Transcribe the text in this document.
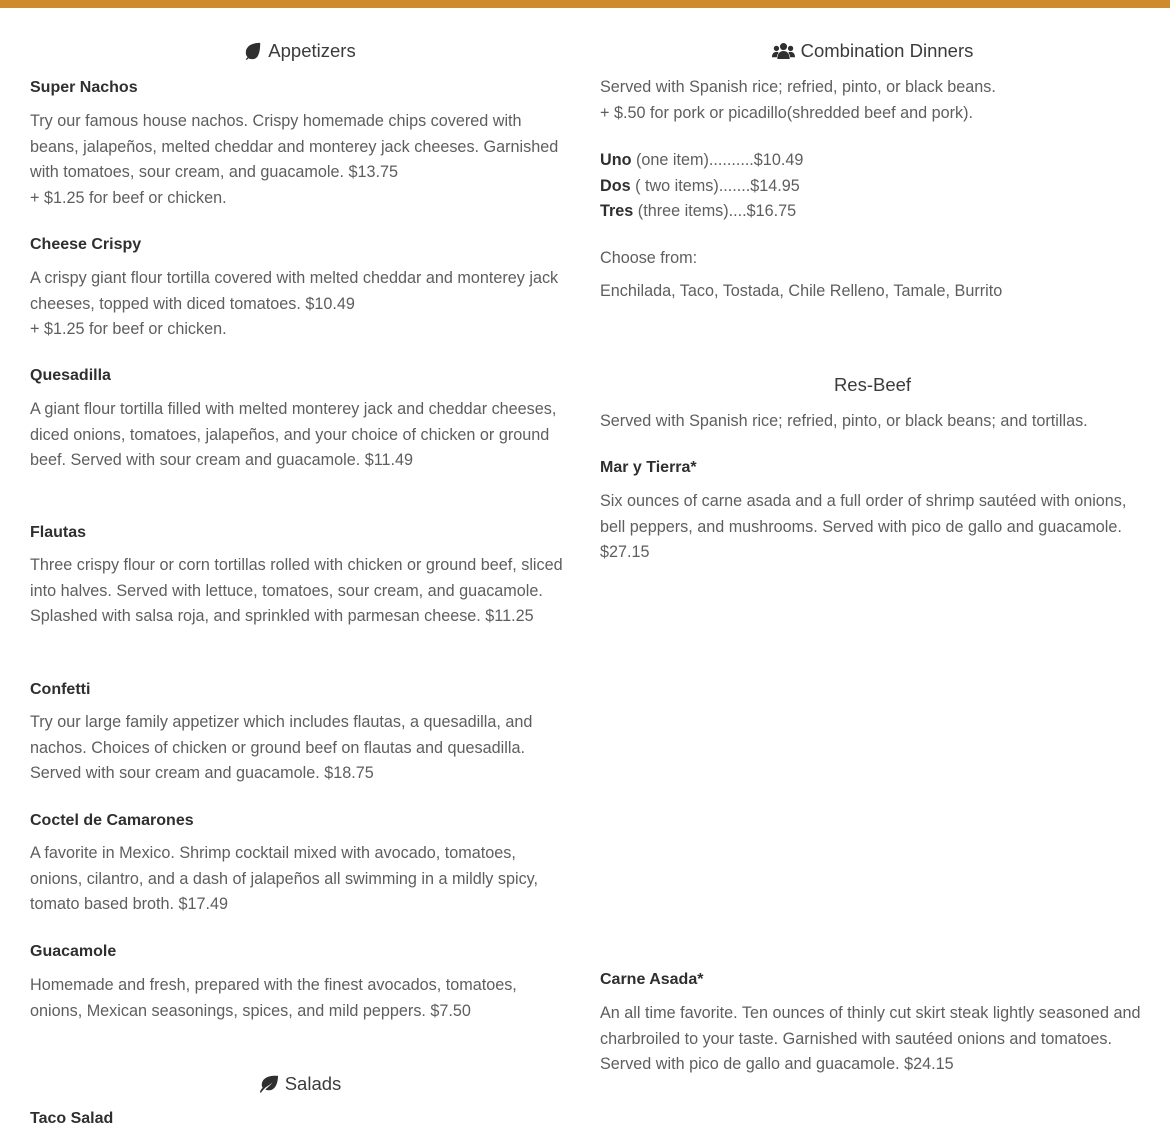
Appetizers
Super Nachos

Try our famous house nachos. Crispy homemade chips covered with beans, jalapeños, melted cheddar and monterey jack cheeses. Garnished with tomatoes, sour cream, and guacamole. $13.75

+ $1.25 for beef or chicken.

Cheese Crispy

A crispy giant flour tortilla covered with melted cheddar and monterey jack cheeses, topped with diced tomatoes. $10.49

+ $1.25 for beef or chicken.

Quesadilla

A giant flour tortilla filled with melted monterey jack and cheddar cheeses, diced onions, tomatoes, jalapeños, and your choice of chicken or ground beef. Served with sour cream and guacamole. $11.49

Flautas

Three crispy flour or corn tortillas rolled with chicken or ground beef, sliced into halves. Served with lettuce, tomatoes, sour cream, and guacamole. Splashed with salsa roja, and sprinkled with parmesan cheese. $11.25

Confetti

Try our large family appetizer which includes flautas, a quesadilla, and nachos. Choices of chicken or ground beef on flautas and quesadilla. Served with sour cream and guacamole. $18.75

Coctel de Camarones

A favorite in Mexico. Shrimp cocktail mixed with avocado, tomatoes, onions, cilantro, and a dash of jalapeños all swimming in a mildly spicy, tomato based broth. $17.49

Guacamole

Homemade and fresh, prepared with the finest avocados, tomatoes, onions, Mexican seasonings, spices, and mild peppers. $7.50

Salads
Taco Salad
Combination Dinners

Served with Spanish rice; refried, pinto, or black beans.

+ $.50 for pork or picadillo(shredded beef and pork).

Uno (one item)..........$10.49
Dos ( two items).......$14.95
Tres (three items)....$16.75
Choose from:
Enchilada, Taco, Tostada, Chile Relleno, Tamale, Burrito
Res-Beef

Served with Spanish rice; refried, pinto, or black beans; and tortillas.

Mar y Tierra*

Six ounces of carne asada and a full order of shrimp sautéed with onions, bell peppers, and mushrooms. Served with pico de gallo and guacamole. $27.15

Carne Asada*

An all time favorite. Ten ounces of thinly cut skirt steak lightly seasoned and charbroiled to your taste. Garnished with sautéed onions and tomatoes.

Served with pico de gallo and guacamole. $24.15
